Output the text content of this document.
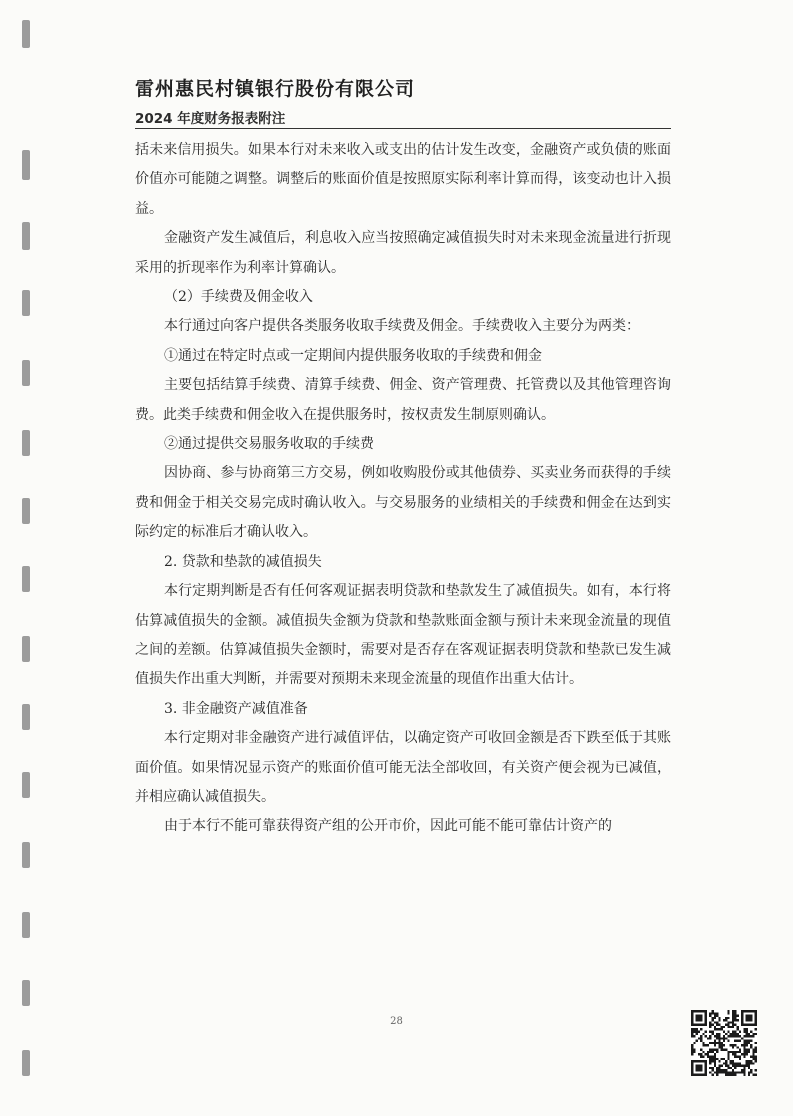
雷州惠民村镇银行股份有限公司
2024 年度财务报表附注

括未来信用损失。如果本行对未来收入或支出的估计发生改变，金融资产或负债的账面价值亦可能随之调整。调整后的账面价值是按照原实际利率计算而得，该变动也计入损益。

金融资产发生减值后，利息收入应当按照确定减值损失时对未来现金流量进行折现采用的折现率作为利率计算确认。

（2）手续费及佣金收入

本行通过向客户提供各类服务收取手续费及佣金。手续费收入主要分为两类：

①通过在特定时点或一定期间内提供服务收取的手续费和佣金

主要包括结算手续费、清算手续费、佣金、资产管理费、托管费以及其他管理咨询费。此类手续费和佣金收入在提供服务时，按权责发生制原则确认。

②通过提供交易服务收取的手续费

因协商、参与协商第三方交易，例如收购股份或其他债券、买卖业务而获得的手续费和佣金于相关交易完成时确认收入。与交易服务的业绩相关的手续费和佣金在达到实际约定的标准后才确认收入。

2. 贷款和垫款的减值损失

本行定期判断是否有任何客观证据表明贷款和垫款发生了减值损失。如有，本行将估算减值损失的金额。减值损失金额为贷款和垫款账面金额与预计未来现金流量的现值之间的差额。估算减值损失金额时，需要对是否存在客观证据表明贷款和垫款已发生减值损失作出重大判断，并需要对预期未来现金流量的现值作出重大估计。

3. 非金融资产减值准备

本行定期对非金融资产进行减值评估，以确定资产可收回金额是否下跌至低于其账面价值。如果情况显示资产的账面价值可能无法全部收回，有关资产便会视为已减值，并相应确认减值损失。

由于本行不能可靠获得资产组的公开市价，因此可能不能可靠估计资产的

28
